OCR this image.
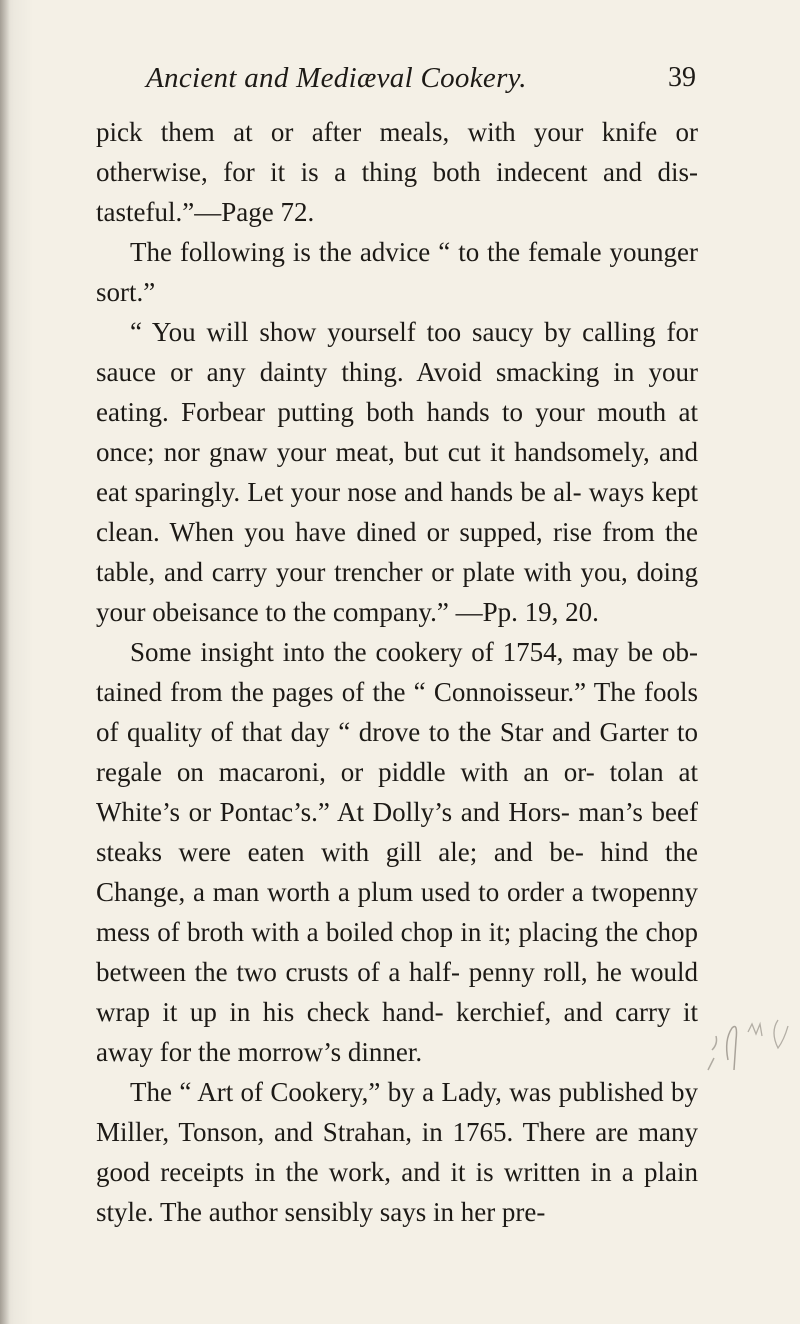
Ancient and Mediæval Cookery.	39

pick them at or after meals, with your knife or otherwise, for it is a thing both indecent and dis- tasteful.”—Page 72.

The following is the advice “ to the female younger sort.”

“ You will show yourself too saucy by calling for sauce or any dainty thing. Avoid smacking in your eating. Forbear putting both hands to your mouth at once; nor gnaw your meat, but cut it handsomely, and eat sparingly. Let your nose and hands be al- ways kept clean. When you have dined or supped, rise from the table, and carry your trencher or plate with you, doing your obeisance to the company.” —Pp. 19, 20.

Some insight into the cookery of 1754, may be ob- tained from the pages of the “ Connoisseur.” The fools of quality of that day “ drove to the Star and Garter to regale on macaroni, or piddle with an or- tolan at White’s or Pontac’s.” At Dolly’s and Hors- man’s beef steaks were eaten with gill ale; and be- hind the Change, a man worth a plum used to order a twopenny mess of broth with a boiled chop in it; placing the chop between the two crusts of a half- penny roll, he would wrap it up in his check hand- kerchief, and carry it away for the morrow’s dinner.

The “ Art of Cookery,” by a Lady, was published by Miller, Tonson, and Strahan, in 1765. There are many good receipts in the work, and it is written in a plain style. The author sensibly says in her pre-
